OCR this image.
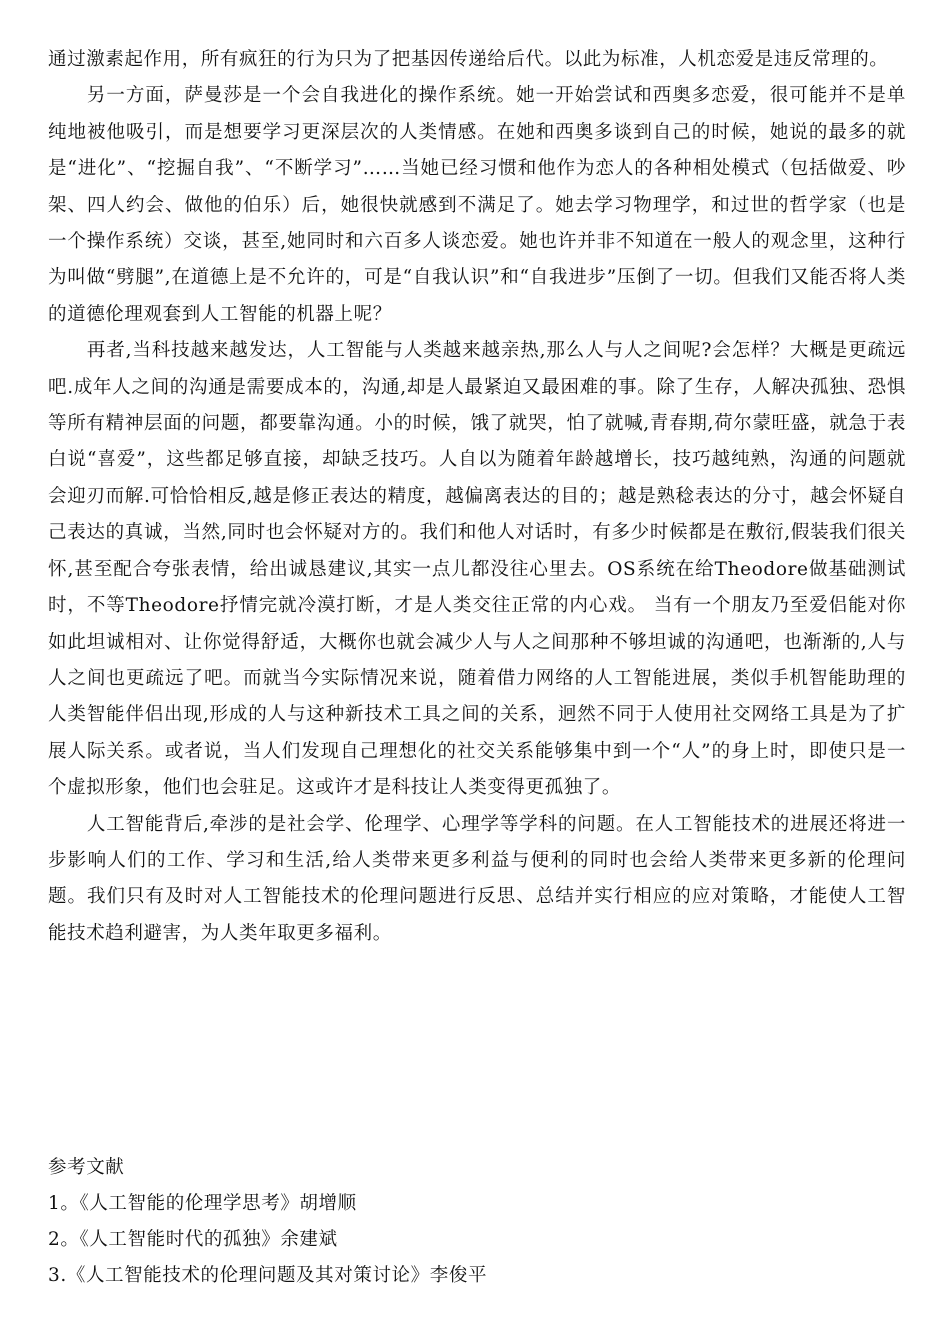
通过激素起作用，所有疯狂的行为只为了把基因传递给后代。以此为标准，人机恋爱是违反常理的。

另一方面，萨曼莎是一个会自我进化的操作系统。她一开始尝试和西奥多恋爱，很可能并不是单纯地被他吸引，而是想要学习更深层次的人类情感。在她和西奥多谈到自己的时候，她说的最多的就是“进化”、“挖掘自我”、“不断学习”……当她已经习惯和他作为恋人的各种相处模式（包括做爱、吵架、四人约会、做他的伯乐）后，她很快就感到不满足了。她去学习物理学，和过世的哲学家（也是一个操作系统）交谈，甚至,她同时和六百多人谈恋爱。她也许并非不知道在一般人的观念里，这种行为叫做“劈腿”,在道德上是不允许的，可是“自我认识”和“自我进步”压倒了一切。但我们又能否将人类的道德伦理观套到人工智能的机器上呢？

再者,当科技越来越发达，人工智能与人类越来越亲热,那么人与人之间呢?会怎样？大概是更疏远吧.成年人之间的沟通是需要成本的，沟通,却是人最紧迫又最困难的事。除了生存，人解决孤独、恐惧等所有精神层面的问题，都要靠沟通。小的时候，饿了就哭，怕了就喊,青春期,荷尔蒙旺盛，就急于表白说“喜爱”，这些都足够直接，却缺乏技巧。人自以为随着年龄越增长，技巧越纯熟，沟通的问题就会迎刃而解.可恰恰相反,越是修正表达的精度，越偏离表达的目的；越是熟稔表达的分寸，越会怀疑自己表达的真诚，当然,同时也会怀疑对方的。我们和他人对话时，有多少时候都是在敷衍,假装我们很关怀,甚至配合夸张表情，给出诚恳建议,其实一点儿都没往心里去。OS系统在给Theodore做基础测试时，不等Theodore抒情完就冷漠打断，才是人类交往正常的内心戏。 当有一个朋友乃至爱侣能对你如此坦诚相对、让你觉得舒适，大概你也就会减少人与人之间那种不够坦诚的沟通吧，也渐渐的,人与人之间也更疏远了吧。而就当今实际情况来说，随着借力网络的人工智能进展，类似手机智能助理的人类智能伴侣出现,形成的人与这种新技术工具之间的关系，迥然不同于人使用社交网络工具是为了扩展人际关系。或者说，当人们发现自己理想化的社交关系能够集中到一个“人”的身上时，即使只是一个虚拟形象，他们也会驻足。这或许才是科技让人类变得更孤独了。

人工智能背后,牵涉的是社会学、伦理学、心理学等学科的问题。在人工智能技术的进展还将进一步影响人们的工作、学习和生活,给人类带来更多利益与便利的同时也会给人类带来更多新的伦理问题。我们只有及时对人工智能技术的伦理问题进行反思、总结并实行相应的应对策略，才能使人工智能技术趋利避害，为人类年取更多福利。

参考文献

1。《人工智能的伦理学思考》胡增顺

2。《人工智能时代的孤独》余建斌

3.《人工智能技术的伦理问题及其对策讨论》李俊平
